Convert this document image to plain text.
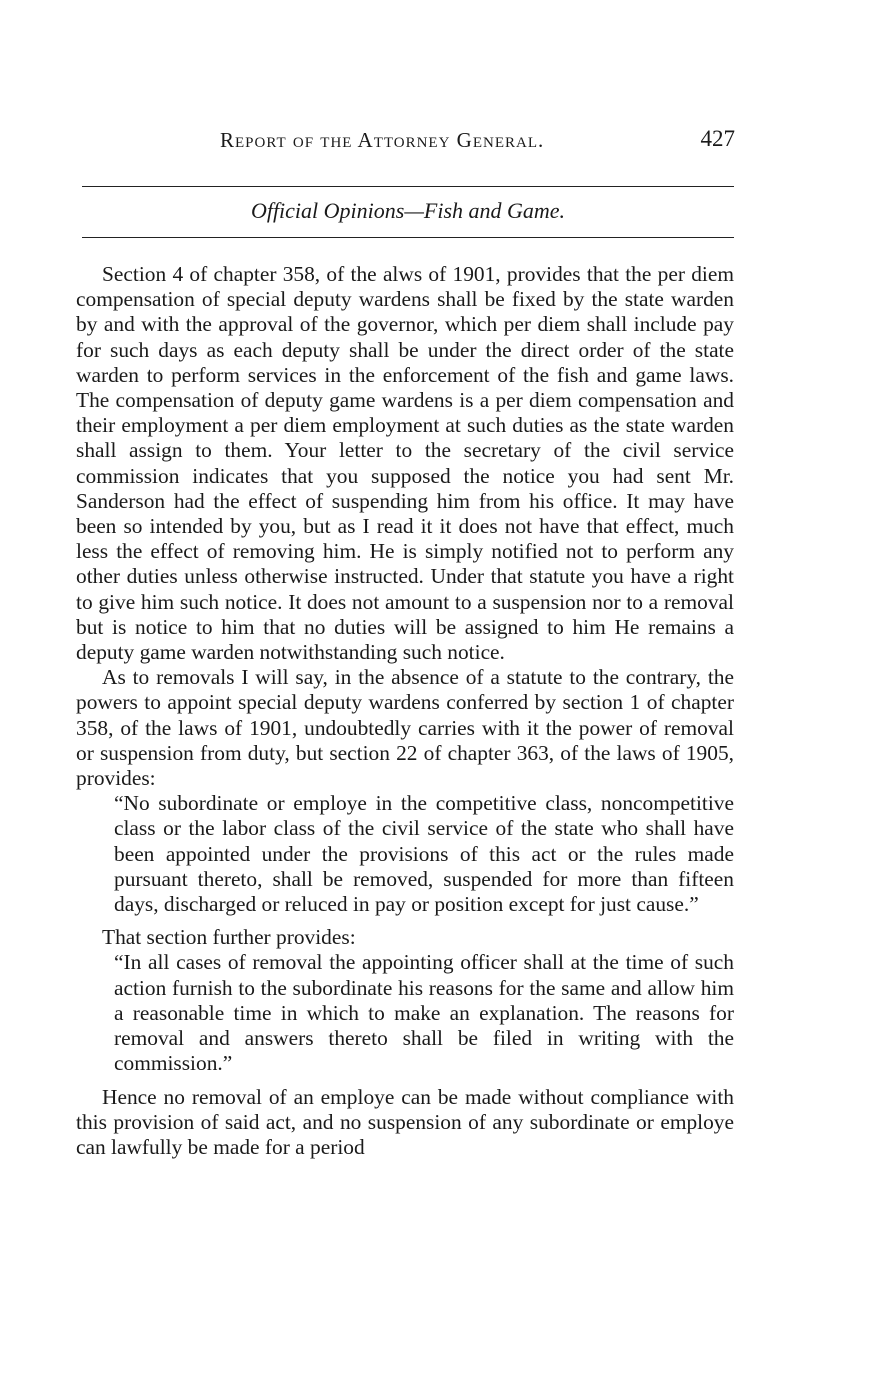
Report of the Attorney General.	427
Official Opinions—Fish and Game.

Section 4 of chapter 358, of the alws of 1901, provides that the per diem compensation of special deputy wardens shall be fixed by the state warden by and with the approval of the governor, which per diem shall include pay for such days as each deputy shall be under the direct order of the state warden to perform services in the enforcement of the fish and game laws. The compensation of deputy game wardens is a per diem compensation and their employment a per diem employment at such duties as the state warden shall assign to them. Your letter to the secretary of the civil service commission indicates that you supposed the notice you had sent Mr. Sanderson had the effect of suspending him from his office. It may have been so intended by you, but as I read it it does not have that effect, much less the effect of removing him. He is simply notified not to perform any other duties unless otherwise instructed. Under that statute you have a right to give him such notice. It does not amount to a suspension nor to a removal but is notice to him that no duties will be assigned to him He remains a deputy game warden notwithstanding such notice.

As to removals I will say, in the absence of a statute to the contrary, the powers to appoint special deputy wardens conferred by section 1 of chapter 358, of the laws of 1901, undoubtedly carries with it the power of removal or suspension from duty, but section 22 of chapter 363, of the laws of 1905, provides:

“No subordinate or employe in the competitive class, noncompetitive class or the labor class of the civil service of the state who shall have been appointed under the provisions of this act or the rules made pursuant thereto, shall be removed, suspended for more than fifteen days, discharged or reluced in pay or position except for just cause.”

That section further provides:

“In all cases of removal the appointing officer shall at the time of such action furnish to the subordinate his reasons for the same and allow him a reasonable time in which to make an explanation. The reasons for removal and answers thereto shall be filed in writing with the commission.”

Hence no removal of an employe can be made without compliance with this provision of said act, and no suspension of any subordinate or employe can lawfully be made for a period
